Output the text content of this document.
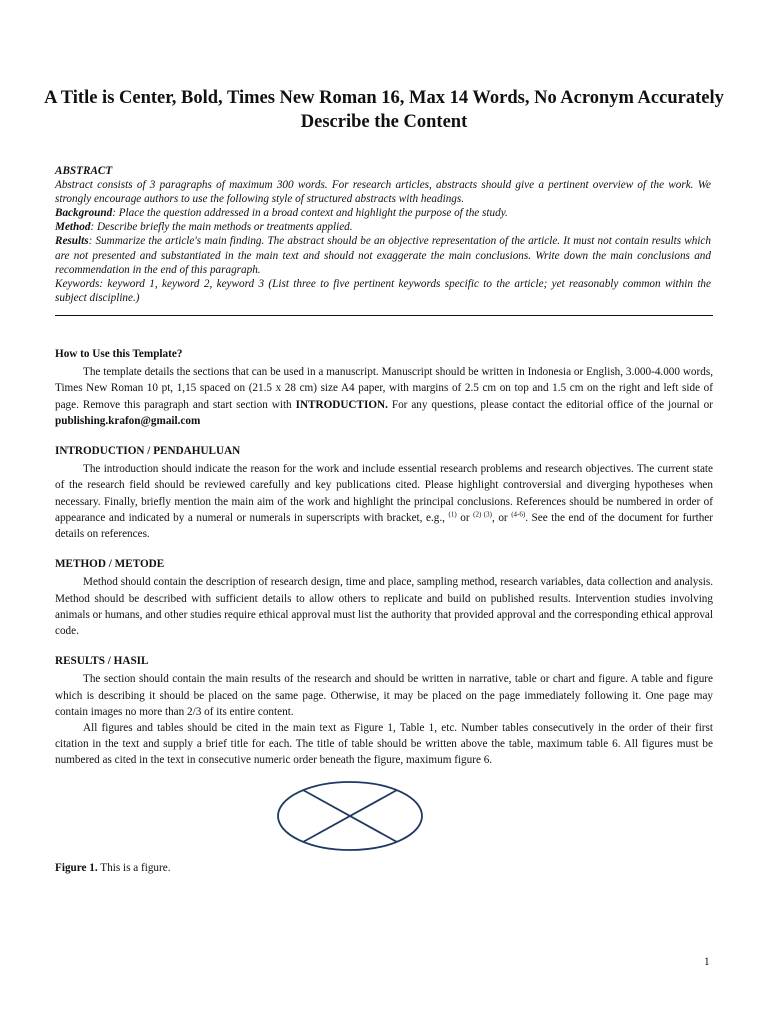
A Title is Center, Bold, Times New Roman 16, Max 14 Words, No Acronym Accurately Describe the Content

ABSTRACT

Abstract consists of 3 paragraphs of maximum 300 words. For research articles, abstracts should give a pertinent overview of the work. We strongly encourage authors to use the following style of structured abstracts with headings.

Background: Place the question addressed in a broad context and highlight the purpose of the study.

Method: Describe briefly the main methods or treatments applied.

Results: Summarize the article's main finding. The abstract should be an objective representation of the article. It must not contain results which are not presented and substantiated in the main text and should not exaggerate the main conclusions. Write down the main conclusions and recommendation in the end of this paragraph.

Keywords: keyword 1, keyword 2, keyword 3 (List three to five pertinent keywords specific to the article; yet reasonably common within the subject discipline.)

How to Use this Template?

The template details the sections that can be used in a manuscript. Manuscript should be written in Indonesia or English, 3.000-4.000 words, Times New Roman 10 pt, 1,15 spaced on (21.5 x 28 cm) size A4 paper, with margins of 2.5 cm on top and 1.5 cm on the right and left side of page. Remove this paragraph and start section with INTRODUCTION. For any questions, please contact the editorial office of the journal or publishing.krafon@gmail.com

INTRODUCTION / PENDAHULUAN

The introduction should indicate the reason for the work and include essential research problems and research objectives. The current state of the research field should be reviewed carefully and key publications cited. Please highlight controversial and diverging hypotheses when necessary. Finally, briefly mention the main aim of the work and highlight the principal conclusions. References should be numbered in order of appearance and indicated by a numeral or numerals in superscripts with bracket, e.g., $^{(1)}$ or $^{(2) (3)}$, or $^{(4-6)}$. See the end of the document for further details on references.

METHOD / METODE

Method should contain the description of research design, time and place, sampling method, research variables, data collection and analysis. Method should be described with sufficient details to allow others to replicate and build on published results. Intervention studies involving animals or humans, and other studies require ethical approval must list the authority that provided approval and the corresponding ethical approval code.

RESULTS / HASIL

The section should contain the main results of the research and should be written in narrative, table or chart and figure. A table and figure which is describing it should be placed on the same page. Otherwise, it may be placed on the page immediately following it. One page may contain images no more than 2/3 of its entire content.

All figures and tables should be cited in the main text as Figure 1, Table 1, etc. Number tables consecutively in the order of their first citation in the text and supply a brief title for each. The title of table should be written above the table, maximum table 6. All figures must be numbered as cited in the text in consecutive numeric order beneath the figure, maximum figure 6.

Figure 1. This is a figure.
1
